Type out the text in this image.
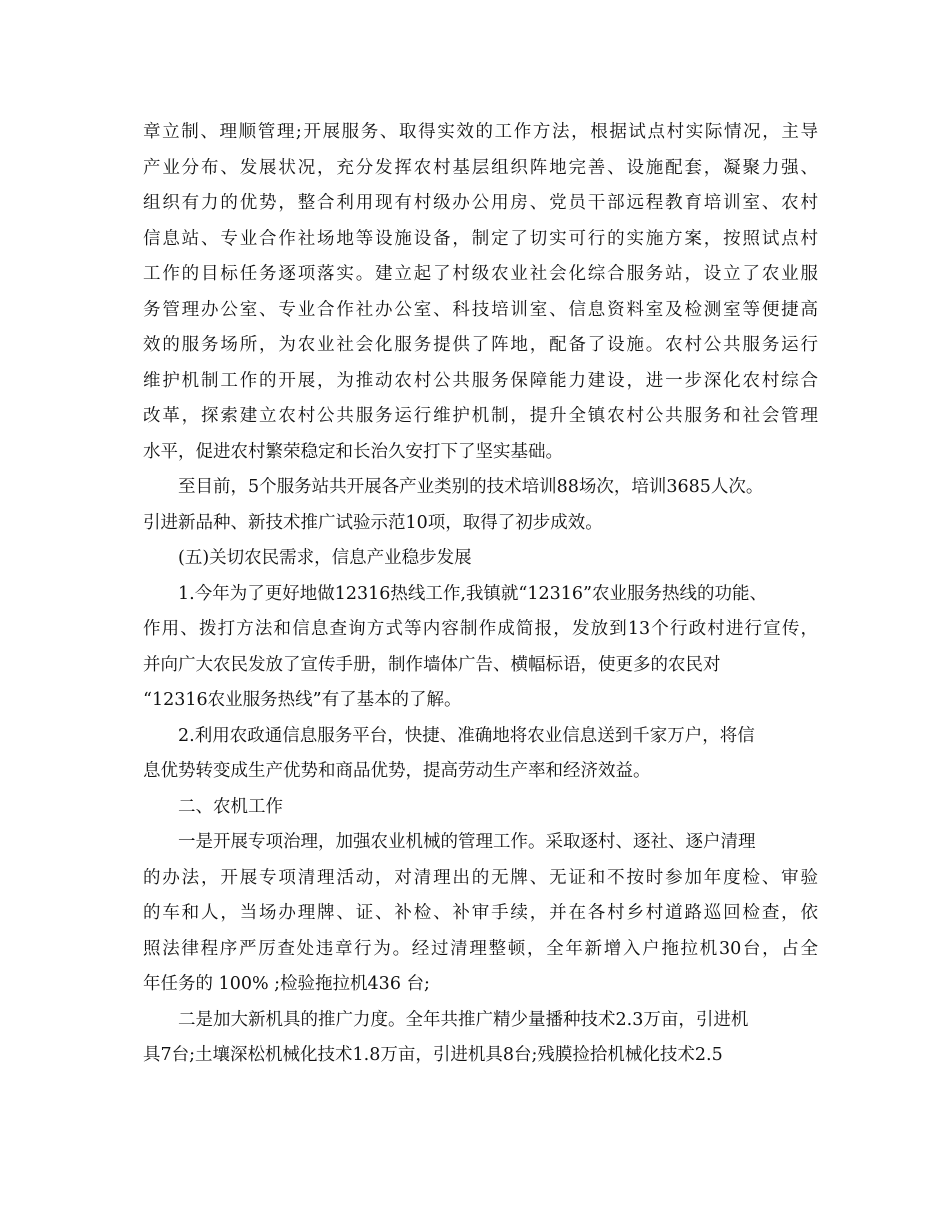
章立制、理顺管理;开展服务、取得实效的工作方法，根据试点村实际情况，主导
产业分布、发展状况，充分发挥农村基层组织阵地完善、设施配套，凝聚力强、
组织有力的优势，整合利用现有村级办公用房、党员干部远程教育培训室、农村
信息站、专业合作社场地等设施设备，制定了切实可行的实施方案，按照试点村
工作的目标任务逐项落实。建立起了村级农业社会化综合服务站，设立了农业服
务管理办公室、专业合作社办公室、科技培训室、信息资料室及检测室等便捷高
效的服务场所，为农业社会化服务提供了阵地，配备了设施。农村公共服务运行
维护机制工作的开展，为推动农村公共服务保障能力建设，进一步深化农村综合
改革，探索建立农村公共服务运行维护机制，提升全镇农村公共服务和社会管理
水平，促进农村繁荣稳定和长治久安打下了坚实基础。
至目前，5个服务站共开展各产业类别的技术培训88场次，培训3685人次。
引进新品种、新技术推广试验示范10项，取得了初步成效。
(五)关切农民需求，信息产业稳步发展
1.今年为了更好地做12316热线工作,我镇就“12316”农业服务热线的功能、
作用、拨打方法和信息查询方式等内容制作成简报，发放到13个行政村进行宣传，
并向广大农民发放了宣传手册，制作墙体广告、横幅标语，使更多的农民对
“12316农业服务热线”有了基本的了解。
2.利用农政通信息服务平台，快捷、准确地将农业信息送到千家万户，将信
息优势转变成生产优势和商品优势，提高劳动生产率和经济效益。
二、农机工作
一是开展专项治理，加强农业机械的管理工作。采取逐村、逐社、逐户清理
的办法，开展专项清理活动，对清理出的无牌、无证和不按时参加年度检、审验
的车和人，当场办理牌、证、补检、补审手续，并在各村乡村道路巡回检查，依
照法律程序严厉查处违章行为。经过清理整顿，全年新增入户拖拉机30台，占全
年任务的 100% ;检验拖拉机436 台;
二是加大新机具的推广力度。全年共推广精少量播种技术2.3万亩，引进机
具7台;土壤深松机械化技术1.8万亩，引进机具8台;残膜捡拾机械化技术2.5
